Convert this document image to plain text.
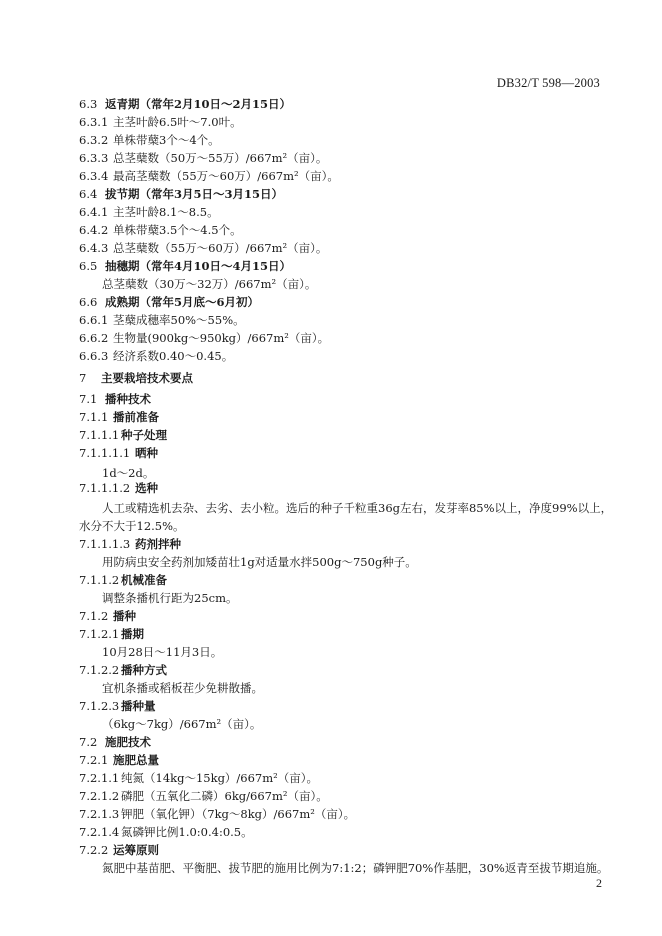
DB32/T 598—2003
6.3 返青期（常年2月10日～2月15日）
6.3.1 主茎叶龄6.5叶～7.0叶。
6.3.2 单株带蘖3个～4个。
6.3.3 总茎蘖数（50万～55万）/667m²（亩）。
6.3.4 最高茎蘖数（55万～60万）/667m²（亩）。
6.4 拔节期（常年3月5日～3月15日）
6.4.1 主茎叶龄8.1～8.5。
6.4.2 单株带蘖3.5个～4.5个。
6.4.3 总茎蘖数（55万～60万）/667m²（亩）。
6.5 抽穗期（常年4月10日～4月15日）
总茎蘖数（30万～32万）/667m²（亩）。
6.6 成熟期（常年5月底～6月初）
6.6.1 茎蘖成穗率50%～55%。
6.6.2 生物量(900kg～950kg）/667m²（亩）。
6.6.3 经济系数0.40～0.45。
7 主要栽培技术要点
7.1 播种技术
7.1.1 播前准备
7.1.1.1 种子处理
7.1.1.1.1 晒种
1d～2d。
7.1.1.1.2 选种
人工或精选机去杂、去劣、去小粒。选后的种子千粒重36g左右，发芽率85%以上，净度99%以上，
水分不大于12.5%。
7.1.1.1.3 药剂拌种
用防病虫安全药剂加矮苗壮1g对适量水拌500g～750g种子。
7.1.1.2 机械准备
调整条播机行距为25cm。
7.1.2 播种
7.1.2.1 播期
10月28日～11月3日。
7.1.2.2 播种方式
宜机条播或稻板茬少免耕散播。
7.1.2.3 播种量
（6kg～7kg）/667m²（亩）。
7.2 施肥技术
7.2.1 施肥总量
7.2.1.1 纯氮（14kg～15kg）/667m²（亩）。
7.2.1.2 磷肥（五氧化二磷）6kg/667m²（亩）。
7.2.1.3 钾肥（氧化钾）（7kg～8kg）/667m²（亩）。
7.2.1.4 氮磷钾比例1.0:0.4:0.5。
7.2.2 运筹原则
氮肥中基苗肥、平衡肥、拔节肥的施用比例为7:1:2；磷钾肥70%作基肥，30%返青至拔节期追施。
2
